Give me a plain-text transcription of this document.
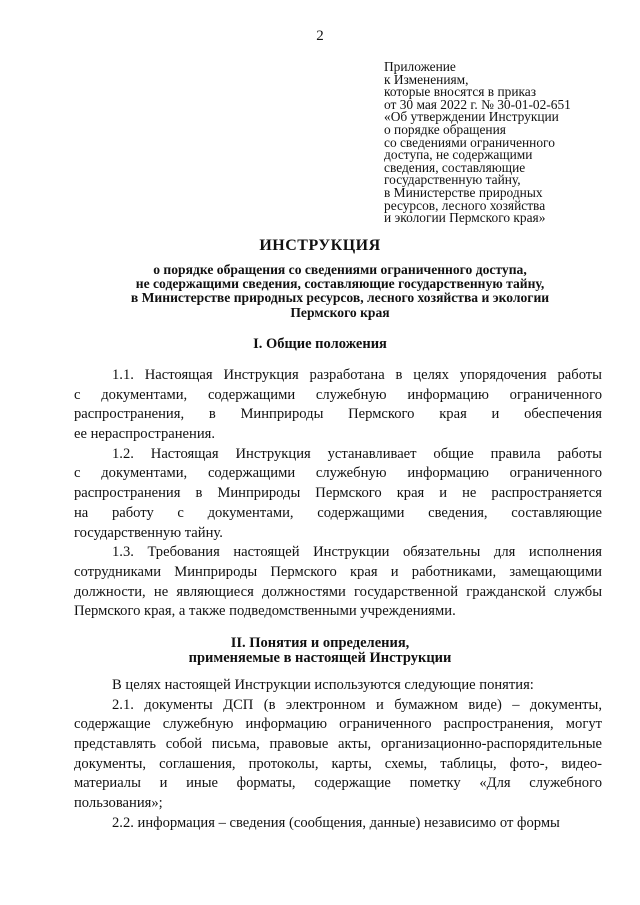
2
Приложение
к Изменениям,
которые вносятся в приказ
от 30 мая 2022 г. № 30-01-02-651
«Об утверждении Инструкции
о порядке обращения
со сведениями ограниченного
доступа, не содержащими
сведения, составляющие
государственную тайну,
в Министерстве природных
ресурсов, лесного хозяйства
и экологии Пермского края»
ИНСТРУКЦИЯ
о порядке обращения со сведениями ограниченного доступа,
не содержащими сведения, составляющие государственную тайну,
в Министерстве природных ресурсов, лесного хозяйства и экологии
Пермского края
I. Общие положения
1.1. Настоящая Инструкция разработана в целях упорядочения работы
с документами, содержащими служебную информацию ограниченного
распространения, в Минприроды Пермского края и обеспечения
ее нераспространения.
1.2. Настоящая Инструкция устанавливает общие правила работы
с документами, содержащими служебную информацию ограниченного
распространения в Минприроды Пермского края и не распространяется
на работу с документами, содержащими сведения, составляющие
государственную тайну.
1.3. Требования настоящей Инструкции обязательны для исполнения
сотрудниками Минприроды Пермского края и работниками, замещающими
должности, не являющиеся должностями государственной гражданской службы
Пермского края, а также подведомственными учреждениями.
II. Понятия и определения,
применяемые в настоящей Инструкции
В целях настоящей Инструкции используются следующие понятия:
2.1. документы ДСП (в электронном и бумажном виде) – документы,
содержащие служебную информацию ограниченного распространения, могут
представлять собой письма, правовые акты, организационно-распорядительные
документы, соглашения, протоколы, карты, схемы, таблицы, фото-, видео-
материалы и иные форматы, содержащие пометку «Для служебного
пользования»;
2.2. информация – сведения (сообщения, данные) независимо от формы
